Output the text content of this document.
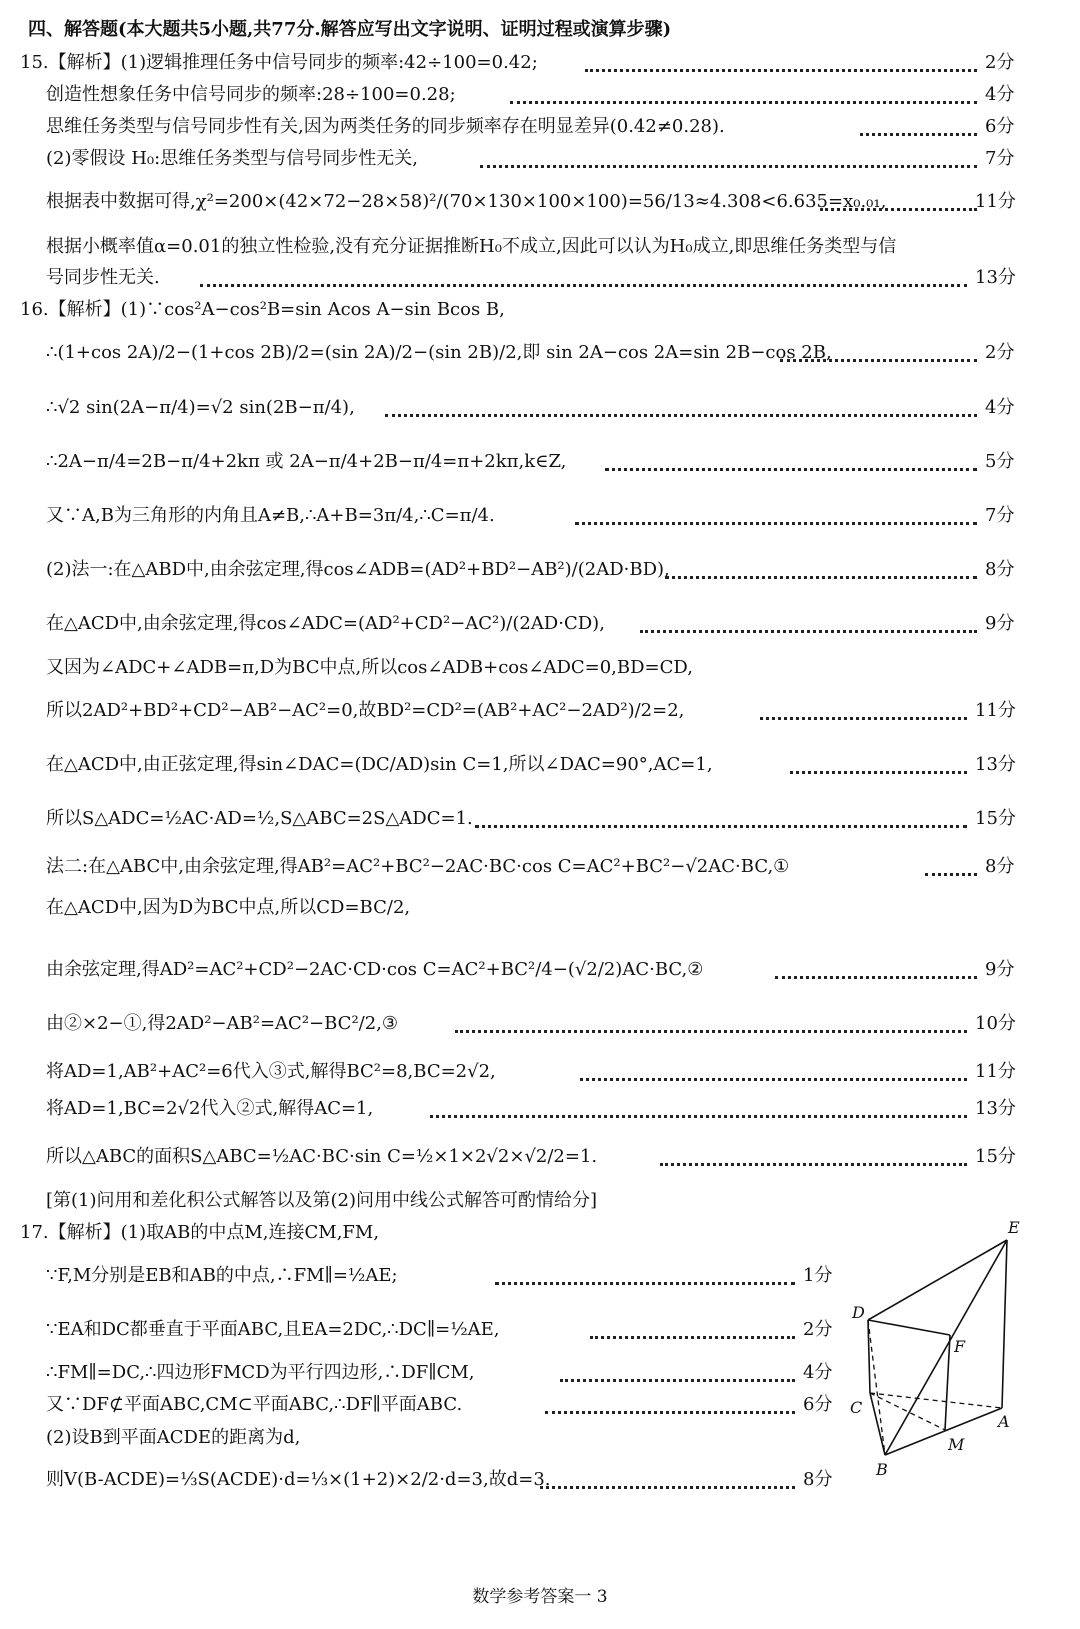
四、解答题(本大题共5小题,共77分.解答应写出文字说明、证明过程或演算步骤)
15.【解析】(1)逻辑推理任务中信号同步的频率:42÷100=0.42;	2分
创造性想象任务中信号同步的频率:28÷100=0.28;	4分
思维任务类型与信号同步性有关,因为两类任务的同步频率存在明显差异(0.42≠0.28).	6分
(2)零假设 H₀:思维任务类型与信号同步性无关,	7分
根据表中数据可得,χ²=200×(42×72−28×58)²/(70×130×100×100)=56/13≈4.308<6.635=x₀.₀₁,	11分
根据小概率值α=0.01的独立性检验,没有充分证据推断H₀不成立,因此可以认为H₀成立,即思维任务类型与信
号同步性无关.	13分
16.【解析】(1)∵cos²A−cos²B=sin Acos A−sin Bcos B,
∴(1+cos 2A)/2−(1+cos 2B)/2=(sin 2A)/2−(sin 2B)/2,即 sin 2A−cos 2A=sin 2B−cos 2B,	2分
∴√2 sin(2A−π/4)=√2 sin(2B−π/4),	4分
∴2A−π/4=2B−π/4+2kπ 或 2A−π/4+2B−π/4=π+2kπ,k∈Z,	5分
又∵A,B为三角形的内角且A≠B,∴A+B=3π/4,∴C=π/4.	7分
(2)法一:在△ABD中,由余弦定理,得cos∠ADB=(AD²+BD²−AB²)/(2AD·BD),	8分
在△ACD中,由余弦定理,得cos∠ADC=(AD²+CD²−AC²)/(2AD·CD),	9分
又因为∠ADC+∠ADB=π,D为BC中点,所以cos∠ADB+cos∠ADC=0,BD=CD,
所以2AD²+BD²+CD²−AB²−AC²=0,故BD²=CD²=(AB²+AC²−2AD²)/2=2,	11分
在△ACD中,由正弦定理,得sin∠DAC=(DC/AD)sin C=1,所以∠DAC=90°,AC=1,	13分
所以S△ADC=½AC·AD=½,S△ABC=2S△ADC=1.	15分
法二:在△ABC中,由余弦定理,得AB²=AC²+BC²−2AC·BC·cos C=AC²+BC²−√2AC·BC,①	8分
在△ACD中,因为D为BC中点,所以CD=BC/2,
由余弦定理,得AD²=AC²+CD²−2AC·CD·cos C=AC²+BC²/4−(√2/2)AC·BC,②	9分
由②×2−①,得2AD²−AB²=AC²−BC²/2,③	10分
将AD=1,AB²+AC²=6代入③式,解得BC²=8,BC=2√2,	11分
将AD=1,BC=2√2代入②式,解得AC=1,	13分
所以△ABC的面积S△ABC=½AC·BC·sin C=½×1×2√2×√2/2=1.	15分
[第(1)问用和差化积公式解答以及第(2)问用中线公式解答可酌情给分]
17.【解析】(1)取AB的中点M,连接CM,FM,
∵F,M分别是EB和AB的中点,∴FM∥=½AE;	1分
∵EA和DC都垂直于平面ABC,且EA=2DC,∴DC∥=½AE,	2分
∴FM∥=DC,∴四边形FMCD为平行四边形,∴DF∥CM,	4分
又∵DF⊄平面ABC,CM⊂平面ABC,∴DF∥平面ABC.	6分
(2)设B到平面ACDE的距离为d,
则V(B-ACDE)=⅓S(ACDE)·d=⅓×(1+2)×2/2·d=3,故d=3.	8分
E
D
F
C
A
M
B
数学参考答案一 3
